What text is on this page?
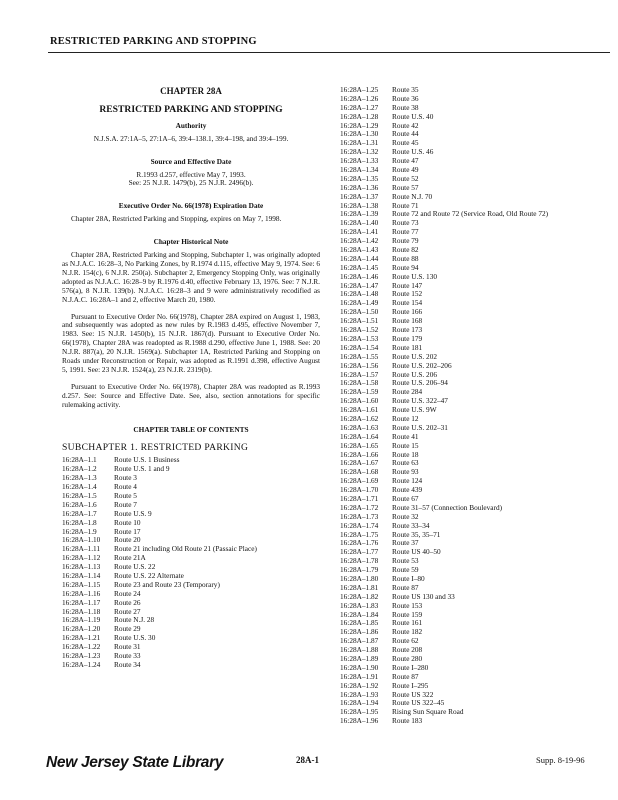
RESTRICTED PARKING AND STOPPING
CHAPTER 28A
RESTRICTED PARKING AND STOPPING
Authority
N.J.S.A. 27:1A–5, 27:1A–6, 39:4–138.1, 39:4–198, and 39:4–199.
Source and Effective Date
R.1993 d.257, effective May 7, 1993.
See: 25 N.J.R. 1479(b), 25 N.J.R. 2496(b).
Executive Order No. 66(1978) Expiration Date
Chapter 28A, Restricted Parking and Stopping, expires on May 7, 1998.
Chapter Historical Note
Chapter 28A, Restricted Parking and Stopping, Subchapter 1, was originally adopted as N.J.A.C. 16:28–3, No Parking Zones, by R.1974 d.115, effective May 9, 1974. See: 6 N.J.R. 154(c), 6 N.J.R. 250(a). Subchapter 2, Emergency Stopping Only, was originally adopted as N.J.A.C. 16:28–9 by R.1976 d.40, effective February 13, 1976. See: 7 N.J.R. 576(a), 8 N.J.R. 139(b). N.J.A.C. 16:28–3 and 9 were administratively recodified as N.J.A.C. 16:28A–1 and 2, effective March 20, 1980.
Pursuant to Executive Order No. 66(1978), Chapter 28A expired on August 1, 1983, and subsequently was adopted as new rules by R.1983 d.495, effective November 7, 1983. See: 15 N.J.R. 1450(b), 15 N.J.R. 1867(d). Pursuant to Executive Order No. 66(1978), Chapter 28A was readopted as R.1988 d.290, effective June 1, 1988. See: 20 N.J.R. 887(a), 20 N.J.R. 1569(a). Subchapter 1A, Restricted Parking and Stopping on Roads under Reconstruction or Repair, was adopted as R.1991 d.398, effective August 5, 1991. See: 23 N.J.R. 1524(a), 23 N.J.R. 2319(b).
Pursuant to Executive Order No. 66(1978), Chapter 28A was readopted as R.1993 d.257. See: Source and Effective Date. See, also, section annotations for specific rulemaking activity.
CHAPTER TABLE OF CONTENTS
SUBCHAPTER 1. RESTRICTED PARKING
16:28A–1.1	Route U.S. 1 Business
16:28A–1.2	Route U.S. 1 and 9
16:28A–1.3	Route 3
16:28A–1.4	Route 4
16:28A–1.5	Route 5
16:28A–1.6	Route 7
16:28A–1.7	Route U.S. 9
16:28A–1.8	Route 10
16:28A–1.9	Route 17
16:28A–1.10	Route 20
16:28A–1.11	Route 21 including Old Route 21 (Passaic Place)
16:28A–1.12	Route 21A
16:28A–1.13	Route U.S. 22
16:28A–1.14	Route U.S. 22 Alternate
16:28A–1.15	Route 23 and Route 23 (Temporary)
16:28A–1.16	Route 24
16:28A–1.17	Route 26
16:28A–1.18	Route 27
16:28A–1.19	Route N.J. 28
16:28A–1.20	Route 29
16:28A–1.21	Route U.S. 30
16:28A–1.22	Route 31
16:28A–1.23	Route 33
16:28A–1.24	Route 34
16:28A–1.25	Route 35
16:28A–1.26	Route 36
16:28A–1.27	Route 38
16:28A–1.28	Route U.S. 40
16:28A–1.29	Route 42
16:28A–1.30	Route 44
16:28A–1.31	Route 45
16:28A–1.32	Route U.S. 46
16:28A–1.33	Route 47
16:28A–1.34	Route 49
16:28A–1.35	Route 52
16:28A–1.36	Route 57
16:28A–1.37	Route N.J. 70
16:28A–1.38	Route 71
16:28A–1.39	Route 72 and Route 72 (Service Road, Old Route 72)
16:28A–1.40	Route 73
16:28A–1.41	Route 77
16:28A–1.42	Route 79
16:28A–1.43	Route 82
16:28A–1.44	Route 88
16:28A–1.45	Route 94
16:28A–1.46	Route U.S. 130
16:28A–1.47	Route 147
16:28A–1.48	Route 152
16:28A–1.49	Route 154
16:28A–1.50	Route 166
16:28A–1.51	Route 168
16:28A–1.52	Route 173
16:28A–1.53	Route 179
16:28A–1.54	Route 181
16:28A–1.55	Route U.S. 202
16:28A–1.56	Route U.S. 202–206
16:28A–1.57	Route U.S. 206
16:28A–1.58	Route U.S. 206–94
16:28A–1.59	Route 284
16:28A–1.60	Route U.S. 322–47
16:28A–1.61	Route U.S. 9W
16:28A–1.62	Route 12
16:28A–1.63	Route U.S. 202–31
16:28A–1.64	Route 41
16:28A–1.65	Route 15
16:28A–1.66	Route 18
16:28A–1.67	Route 63
16:28A–1.68	Route 93
16:28A–1.69	Route 124
16:28A–1.70	Route 439
16:28A–1.71	Route 67
16:28A–1.72	Route 31–57 (Connection Boulevard)
16:28A–1.73	Route 32
16:28A–1.74	Route 33–34
16:28A–1.75	Route 35, 35–71
16:28A–1.76	Route 37
16:28A–1.77	Route US 40–50
16:28A–1.78	Route 53
16:28A–1.79	Route 59
16:28A–1.80	Route I–80
16:28A–1.81	Route 87
16:28A–1.82	Route US 130 and 33
16:28A–1.83	Route 153
16:28A–1.84	Route 159
16:28A–1.85	Route 161
16:28A–1.86	Route 182
16:28A–1.87	Route 62
16:28A–1.88	Route 208
16:28A–1.89	Route 280
16:28A–1.90	Route I–280
16:28A–1.91	Route 87
16:28A–1.92	Route I–295
16:28A–1.93	Route US 322
16:28A–1.94	Route US 322–45
16:28A–1.95	Rising Sun Square Road
16:28A–1.96	Route 183
New Jersey State Library	28A-1	Supp. 8-19-96
